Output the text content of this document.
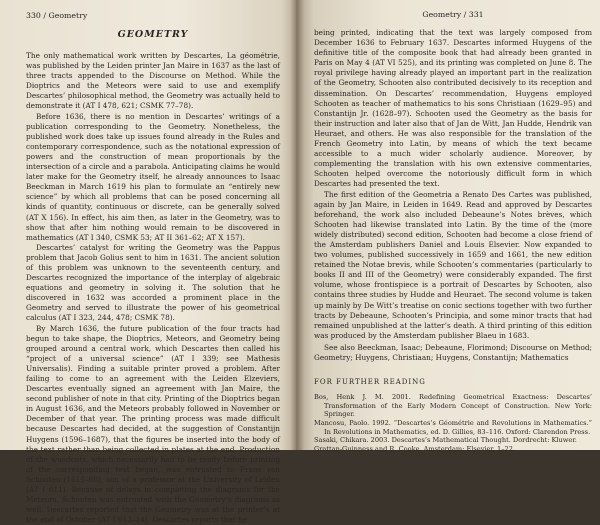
330 / Geometry
GEOMETRY

The only mathematical work written by Descartes, La géométrie, was published by the Leiden printer Jan Maire in 1637 as the last of three tracts appended to the Discourse on Method. While the Dioptrics and the Meteors were said to use and exemplify Descartes’ philosophical method, the Geometry was actually held to demonstrate it (AT I 478, 621; CSMK 77–78).

Before 1636, there is no mention in Descartes’ writings of a publication corresponding to the Geometry. Nonetheless, the published work does take up issues found already in the Rules and contemporary correspondence, such as the notational expression of powers and the construction of mean proportionals by the intersection of a circle and a parabola. Anticipating claims he would later make for the Geometry itself, he already announces to Isaac Beeckman in March 1619 his plan to formulate an “entirely new science” by which all problems that can be posed concerning all kinds of quantity, continuous or discrete, can be generally solved (AT X 156). In effect, his aim then, as later in the Geometry, was to show that after him nothing would remain to be discovered in mathematics (AT I 340, CSMK 53; AT II 361–62; AT X 157).

Descartes’ catalyst for writing the Geometry was the Pappus problem that Jacob Golius sent to him in 1631. The ancient solution of this problem was unknown to the seventeenth century, and Descartes recognized the importance of the interplay of algebraic equations and geometry in solving it. The solution that he discovered in 1632 was accorded a prominent place in the Geometry and served to illustrate the power of his geometrical calculus (AT I 323, 244, 478; CSMK 78).

By March 1636, the future publication of the four tracts had begun to take shape, the Dioptrics, Meteors, and Geometry being grouped around a central work, which Descartes then called his “project of a universal science” (AT I 339; see Mathesis Universalis). Finding a suitable printer proved a problem. After failing to come to an agreement with the Leiden Elzeviers, Descartes eventually signed an agreement with Jan Maire, the second publisher of note in that city. Printing of the Dioptrics began in August 1636, and the Meteors probably followed in November or December of that year. The printing process was made difficult because Descartes had decided, at the suggestion of Constantijn Huygens (1596–1687), that the figures be inserted into the body of the text rather than being collected in plates at the end. Production of the woodcuts, which necessarily had to be ready before printing of the corresponding text began, was entrusted to Frans van Schooten (1615–60), son of a professor at the University of Leiden (AT I 611). Because of delays in completing the diagrams for the Meteors, Schooten was entrusted with the Geometry’s diagrams as well. Descartes reported that the Geometry was at the printer’s at the end of October (AT I 613–14). Descartes reports that he

Geometry / 331

being printed, indicating that the text was largely composed from December 1636 to February 1637. Descartes informed Huygens of the definitive title of the composite book that had already been granted in Paris on May 4 (AT VI 525), and its printing was completed on June 8. The royal privilege having already played an important part in the realization of the Geometry, Schooten also contributed decisively to its reception and dissemination. On Descartes’ recommendation, Huygens employed Schooten as teacher of mathematics to his sons Christiaan (1629–95) and Constantijn Jr. (1628–97). Schooten used the Geometry as the basis for their instruction and later also that of Jan de Witt, Jan Hudde, Hendrik van Heuraet, and others. He was also responsible for the translation of the French Geometry into Latin, by means of which the text became accessible to a much wider scholarly audience. Moreover, by complementing the translation with his own extensive commentaries, Schooten helped overcome the notoriously difficult form in which Descartes had presented the text.

The first edition of the Geometria a Renato Des Cartes was published, again by Jan Maire, in Leiden in 1649. Read and approved by Descartes beforehand, the work also included Debeaune’s Notes brèves, which Schooten had likewise translated into Latin. By the time of the (more widely distributed) second edition, Schooten had become a close friend of the Amsterdam publishers Daniel and Louis Elsevier. Now expanded to two volumes, published successively in 1659 and 1661, the new edition retained the Notae brevis, while Schooten’s commentaries (particularly to books II and III of the Geometry) were considerably expanded. The first volume, whose frontispiece is a portrait of Descartes by Schooten, also contains three studies by Hudde and Heuraet. The second volume is taken up mainly by De Witt’s treatise on conic sections together with two further tracts by Debeaune, Schooten’s Principia, and some minor tracts that had remained unpublished at the latter’s death. A third printing of this edition was produced by the Amsterdam publisher Blaeu in 1683.

See also Beeckman, Isaac; Debeaune, Florimond; Discourse on Method; Geometry; Huygens, Christiaan; Huygens, Constantijn; Mathematics

FOR FURTHER READING

Bos, Henk J. M. 2001. Redefining Geometrical Exactness: Descartes’ Transformation of the Early Modern Concept of Construction. New York: Springer.

Mancosu, Paolo. 1992. “Descartes’s Géométrie and Revolutions in Mathematics.” In Revolutions in Mathematics, ed. D. Gillies, 83–116. Oxford: Clarendon Press.

Sasaki, Chikara. 2003. Descartes’s Mathematical Thought. Dordrecht: Kluwer.

Grattan-Guinness and R. Cooke. Amsterdam: Elsevier, 1–22.
